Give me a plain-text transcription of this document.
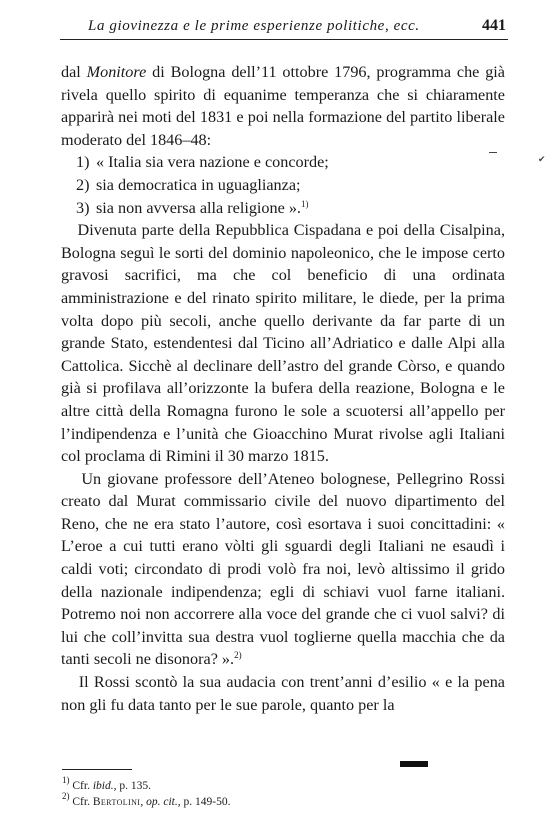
La giovinezza e le prime esperienze politiche, ecc.	441
✔

dal Monitore di Bologna dell’11 ottobre 1796, programma che già rivela quello spirito di equanime temperanza che si chiaramente apparirà nei moti del 1831 e poi nella formazione del partito liberale moderato del 1846–48:

1) « Italia sia vera nazione e concorde;
2) sia democratica in uguaglianza;
3) sia non avversa alla religione ».$^{1)}$

Divenuta parte della Repubblica Cispadana e poi della Cisalpina, Bologna seguì le sorti del dominio napoleonico, che le impose certo gravosi sacrifici, ma che col beneficio di una ordinata amministrazione e del rinato spirito militare, le diede, per la prima volta dopo più secoli, anche quello derivante da far parte di un grande Stato, estendentesi dal Ticino all’Adriatico e dalle Alpi alla Cattolica. Sicchè al declinare dell’astro del grande Còrso, e quando già si profilava all’orizzonte la bufera della reazione, Bologna e le altre città della Romagna furono le sole a scuotersi all’appello per l’indipendenza e l’unità che Gioacchino Murat rivolse agli Italiani col proclama di Rimini il 30 marzo 1815.

Un giovane professore dell’Ateneo bolognese, Pellegrino Rossi creato dal Murat commissario civile del nuovo dipartimento del Reno, che ne era stato l’autore, così esortava i suoi concittadini: « L’eroe a cui tutti erano vòlti gli sguardi degli Italiani ne esaudì i caldi voti; circondato di prodi volò fra noi, levò altissimo il grido della nazionale indipendenza; egli di schiavi vuol farne italiani. Potremo noi non accorrere alla voce del grande che ci vuol salvi? di lui che coll’invitta sua destra vuol toglierne quella macchia che da tanti secoli ne disonora? ».$^{2)}$

Il Rossi scontò la sua audacia con trent’anni d’esilio « e la pena non gli fu data tanto per le sue parole, quanto per la

$^{1)}$ Cfr. ibid., p. 135.
$^{2)}$ Cfr. Bertolini, op. cit., p. 149-50.
